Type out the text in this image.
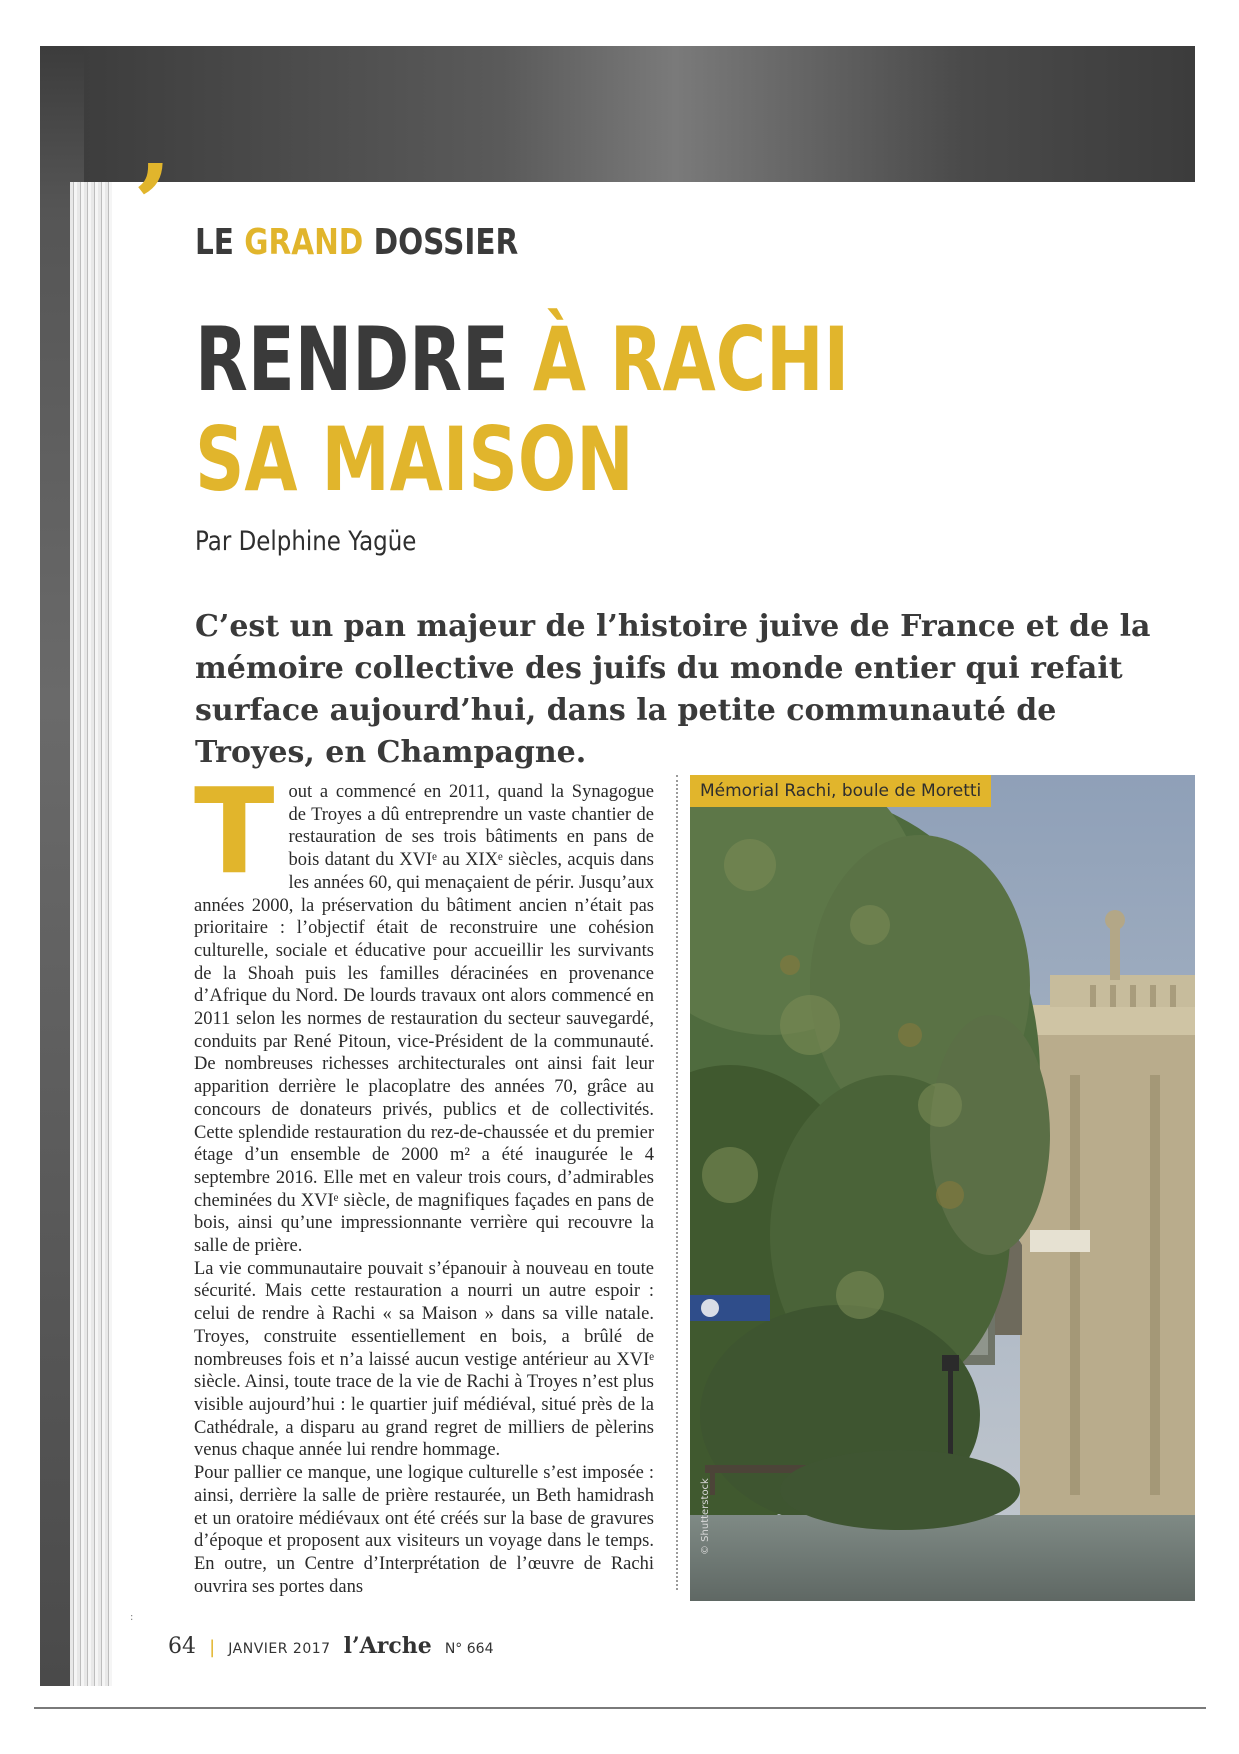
’ LE GRAND DOSSIER
RENDRE À RACHI
SA MAISON
Par Delphine Yagüe
C’est un pan majeur de l’histoire juive de France et de la mémoire collective des juifs du monde entier qui refait surface aujourd’hui, dans la petite communauté de Troyes, en Champagne.
T out a commencé en 2011, quand la Synagogue de Troyes a dû entreprendre un vaste chantier de restauration de ses trois bâtiments en pans de bois datant du XVIᵉ au XIXᵉ siècles, acquis dans les années 60, qui menaçaient de périr. Jusqu’aux années 2000, la préservation du bâtiment ancien n’était pas prioritaire : l’objectif était de reconstruire une cohésion culturelle, sociale et éducative pour accueillir les survivants de la Shoah puis les familles déracinées en provenance d’Afrique du Nord. De lourds travaux ont alors commencé en 2011 selon les normes de restauration du secteur sauvegardé, conduits par René Pitoun, vice-Président de la communauté. De nombreuses richesses architecturales ont ainsi fait leur apparition derrière le placoplatre des années 70, grâce au concours de donateurs privés, publics et de collectivités. Cette splendide restauration du rez-de-chaussée et du premier étage d’un ensemble de 2000 m² a été inaugurée le 4 septembre 2016. Elle met en valeur trois cours, d’admirables cheminées du XVIᵉ siècle, de magnifiques façades en pans de bois, ainsi qu’une impressionnante verrière qui recouvre la salle de prière.

La vie communautaire pouvait s’épanouir à nouveau en toute sécurité. Mais cette restauration a nourri un autre espoir : celui de rendre à Rachi « sa Maison » dans sa ville natale. Troyes, construite essentiellement en bois, a brûlé de nombreuses fois et n’a laissé aucun vestige antérieur au XVIᵉ siècle. Ainsi, toute trace de la vie de Rachi à Troyes n’est plus visible aujourd’hui : le quartier juif médiéval, situé près de la Cathédrale, a disparu au grand regret de milliers de pèlerins venus chaque année lui rendre hommage.

Pour pallier ce manque, une logique culturelle s’est imposée : ainsi, derrière la salle de prière restaurée, un Beth hamidrash et un oratoire médiévaux ont été créés sur la base de gravures d’époque et proposent aux visiteurs un voyage dans le temps. En outre, un Centre d’Interprétation de l’œuvre de Rachi ouvrira ses portes dans

Mémorial Rachi, boule de Moretti
© Shutterstock
:
64 | JANVIER 2017 l’Arche N° 664
